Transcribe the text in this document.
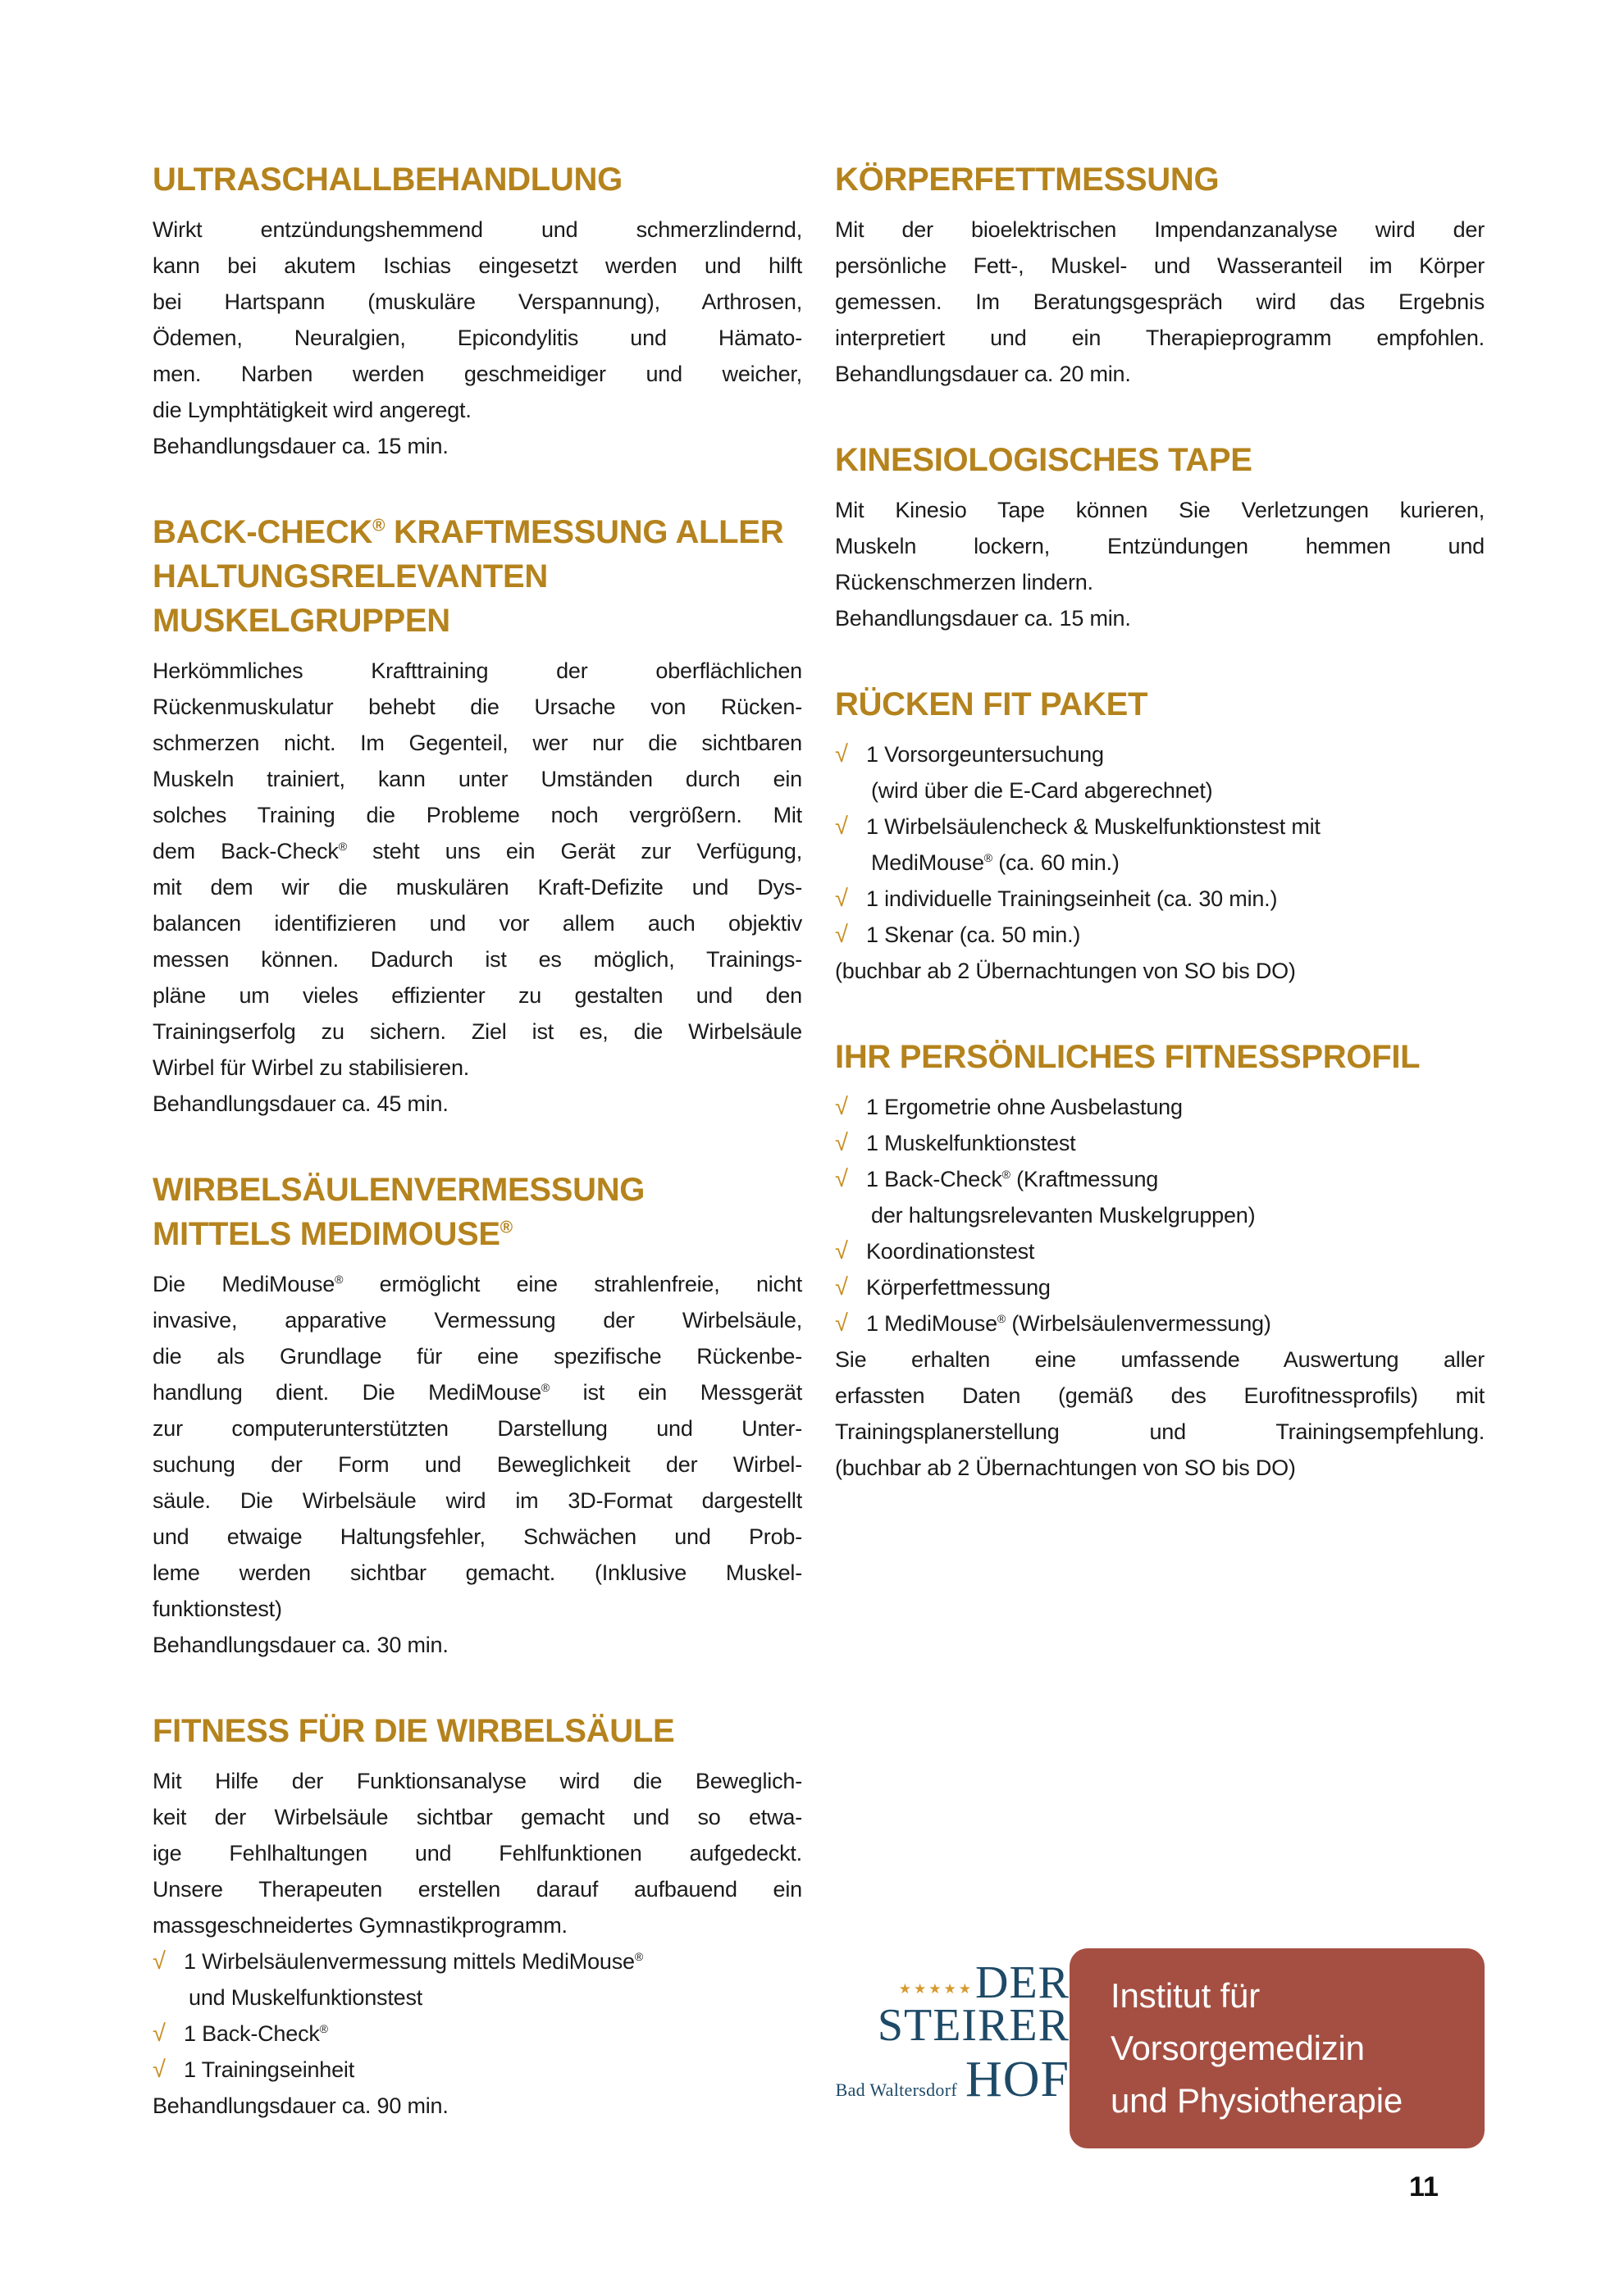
ULTRASCHALLBEHANDLUNG
Wirkt entzündungshemmend und schmerzlindernd,
kann bei akutem Ischias eingesetzt werden und hilft
bei Hartspann (muskuläre Verspannung), Arthrosen,
Ödemen, Neuralgien, Epicondylitis und Hämato-
men. Narben werden geschmeidiger und weicher,
die Lymphtätigkeit wird angeregt.
Behandlungsdauer ca. 15 min.
BACK-CHECK® KRAFTMESSUNG ALLER
HALTUNGSRELEVANTEN
MUSKELGRUPPEN
Herkömmliches Krafttraining der oberflächlichen
Rückenmuskulatur behebt die Ursache von Rücken-
schmerzen nicht. Im Gegenteil, wer nur die sichtbaren
Muskeln trainiert, kann unter Umständen durch ein
solches Training die Probleme noch vergrößern. Mit
dem Back-Check® steht uns ein Gerät zur Verfügung,
mit dem wir die muskulären Kraft-Defizite und Dys-
balancen identifizieren und vor allem auch objektiv
messen können. Dadurch ist es möglich, Trainings-
pläne um vieles effizienter zu gestalten und den
Trainingserfolg zu sichern. Ziel ist es, die Wirbelsäule
Wirbel für Wirbel zu stabilisieren.
Behandlungsdauer ca. 45 min.
WIRBELSÄULENVERMESSUNG
MITTELS MEDIMOUSE®
Die MediMouse® ermöglicht eine strahlenfreie, nicht
invasive, apparative Vermessung der Wirbelsäule,
die als Grundlage für eine spezifische Rückenbe-
handlung dient. Die MediMouse® ist ein Messgerät
zur computerunterstützten Darstellung und Unter-
suchung der Form und Beweglichkeit der Wirbel-
säule. Die Wirbelsäule wird im 3D-Format dargestellt
und etwaige Haltungsfehler, Schwächen und Prob-
leme werden sichtbar gemacht. (Inklusive Muskel-
funktionstest)
Behandlungsdauer ca. 30 min.
FITNESS FÜR DIE WIRBELSÄULE
Mit Hilfe der Funktionsanalyse wird die Beweglich-
keit der Wirbelsäule sichtbar gemacht und so etwa-
ige Fehlhaltungen und Fehlfunktionen aufgedeckt.
Unsere Therapeuten erstellen darauf aufbauend ein
massgeschneidertes Gymnastikprogramm.
√ 1 Wirbelsäulenvermessung mittels MediMouse®
und Muskelfunktionstest
√ 1 Back-Check®
√ 1 Trainingseinheit
Behandlungsdauer ca. 90 min.
KÖRPERFETTMESSUNG
Mit der bioelektrischen Impendanzanalyse wird der
persönliche Fett-, Muskel- und Wasseranteil im Körper
gemessen. Im Beratungsgespräch wird das Ergebnis
interpretiert und ein Therapieprogramm empfohlen.
Behandlungsdauer ca. 20 min.
KINESIOLOGISCHES TAPE
Mit Kinesio Tape können Sie Verletzungen kurieren,
Muskeln lockern, Entzündungen hemmen und
Rückenschmerzen lindern.
Behandlungsdauer ca. 15 min.
RÜCKEN FIT PAKET
√ 1 Vorsorgeuntersuchung
(wird über die E-Card abgerechnet)
√ 1 Wirbelsäulencheck & Muskelfunktionstest mit
MediMouse® (ca. 60 min.)
√ 1 individuelle Trainingseinheit (ca. 30 min.)
√ 1 Skenar (ca. 50 min.)
(buchbar ab 2 Übernachtungen von SO bis DO)
IHR PERSÖNLICHES FITNESSPROFIL
√ 1 Ergometrie ohne Ausbelastung
√ 1 Muskelfunktionstest
√ 1 Back-Check® (Kraftmessung
der haltungsrelevanten Muskelgruppen)
√ Koordinationstest
√ Körperfettmessung
√ 1 MediMouse® (Wirbelsäulenvermessung)
Sie erhalten eine umfassende Auswertung aller
erfassten Daten (gemäß des Eurofitnessprofils) mit
Trainingsplanerstellung und Trainingsempfehlung.
(buchbar ab 2 Übernachtungen von SO bis DO)
★★★★★ DER
STEIRER
Bad Waltersdorf HOF
Institut für
Vorsorgemedizin
und Physiotherapie
11
